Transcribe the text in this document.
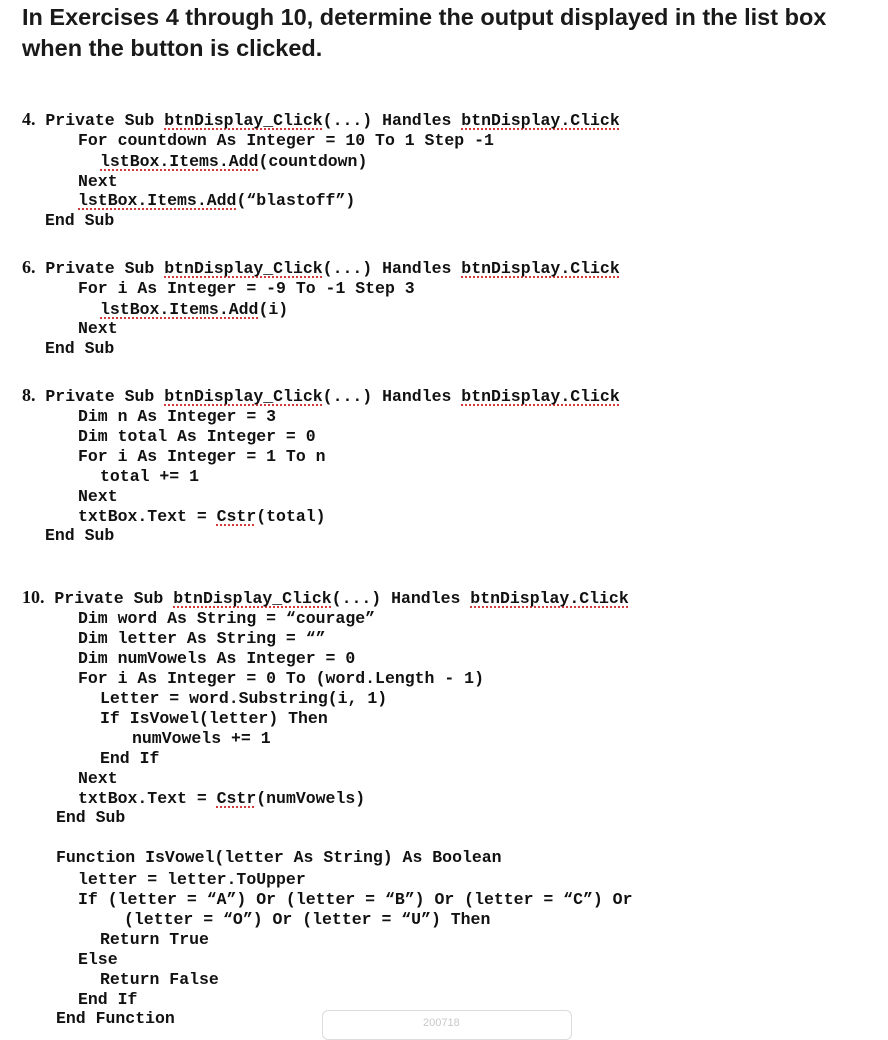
In Exercises 4 through 10, determine the output displayed in the list box when the button is clicked.
4. Private Sub btnDisplay_Click(...) Handles btnDisplay.Click
For countdown As Integer = 10 To 1 Step -1
lstBox.Items.Add(countdown)
Next
lstBox.Items.Add(“blastoff”)
End Sub
6. Private Sub btnDisplay_Click(...) Handles btnDisplay.Click
For i As Integer = -9 To -1 Step 3
lstBox.Items.Add(i)
Next
End Sub
8. Private Sub btnDisplay_Click(...) Handles btnDisplay.Click
Dim n As Integer = 3
Dim total As Integer = 0
For i As Integer = 1 To n
total += 1
Next
txtBox.Text = Cstr(total)
End Sub
10. Private Sub btnDisplay_Click(...) Handles btnDisplay.Click
Dim word As String = “courage”
Dim letter As String = “”
Dim numVowels As Integer = 0
For i As Integer = 0 To (word.Length - 1)
Letter = word.Substring(i, 1)
If IsVowel(letter) Then
numVowels += 1
End If
Next
txtBox.Text = Cstr(numVowels)
End Sub
Function IsVowel(letter As String) As Boolean
letter = letter.ToUpper
If (letter = “A”) Or (letter = “B”) Or (letter = “C”) Or
(letter = “O”) Or (letter = “U”) Then
Return True
Else
Return False
End If
End Function	200718
